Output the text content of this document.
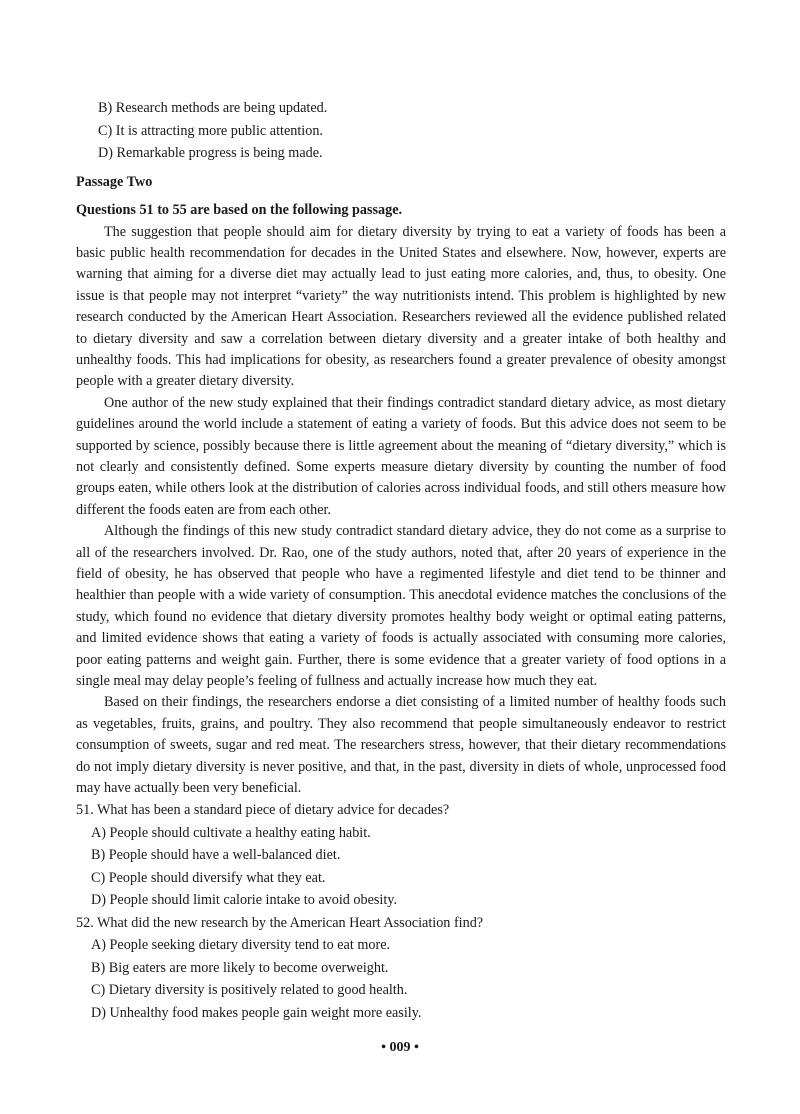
B) Research methods are being updated.
C) It is attracting more public attention.
D) Remarkable progress is being made.
Passage Two
Questions 51 to 55 are based on the following passage.

The suggestion that people should aim for dietary diversity by trying to eat a variety of foods has been a basic public health recommendation for decades in the United States and elsewhere. Now, however, experts are warning that aiming for a diverse diet may actually lead to just eating more calories, and, thus, to obesity. One issue is that people may not interpret “variety” the way nutritionists intend. This problem is highlighted by new research conducted by the American Heart Association. Researchers reviewed all the evidence published related to dietary diversity and saw a correlation between dietary diversity and a greater intake of both healthy and unhealthy foods. This had implications for obesity, as researchers found a greater prevalence of obesity amongst people with a greater dietary diversity.

One author of the new study explained that their findings contradict standard dietary advice, as most dietary guidelines around the world include a statement of eating a variety of foods. But this advice does not seem to be supported by science, possibly because there is little agreement about the meaning of “dietary diversity,” which is not clearly and consistently defined. Some experts measure dietary diversity by counting the number of food groups eaten, while others look at the distribution of calories across individual foods, and still others measure how different the foods eaten are from each other.

Although the findings of this new study contradict standard dietary advice, they do not come as a surprise to all of the researchers involved. Dr. Rao, one of the study authors, noted that, after 20 years of experience in the field of obesity, he has observed that people who have a regimented lifestyle and diet tend to be thinner and healthier than people with a wide variety of consumption. This anecdotal evidence matches the conclusions of the study, which found no evidence that dietary diversity promotes healthy body weight or optimal eating patterns, and limited evidence shows that eating a variety of foods is actually associated with consuming more calories, poor eating patterns and weight gain. Further, there is some evidence that a greater variety of food options in a single meal may delay people’s feeling of fullness and actually increase how much they eat.

Based on their findings, the researchers endorse a diet consisting of a limited number of healthy foods such as vegetables, fruits, grains, and poultry. They also recommend that people simultaneously endeavor to restrict consumption of sweets, sugar and red meat. The researchers stress, however, that their dietary recommendations do not imply dietary diversity is never positive, and that, in the past, diversity in diets of whole, unprocessed food may have actually been very beneficial.

51. What has been a standard piece of dietary advice for decades?
A) People should cultivate a healthy eating habit.
B) People should have a well-balanced diet.
C) People should diversify what they eat.
D) People should limit calorie intake to avoid obesity.
52. What did the new research by the American Heart Association find?
A) People seeking dietary diversity tend to eat more.
B) Big eaters are more likely to become overweight.
C) Dietary diversity is positively related to good health.
D) Unhealthy food makes people gain weight more easily.
• 009 •
